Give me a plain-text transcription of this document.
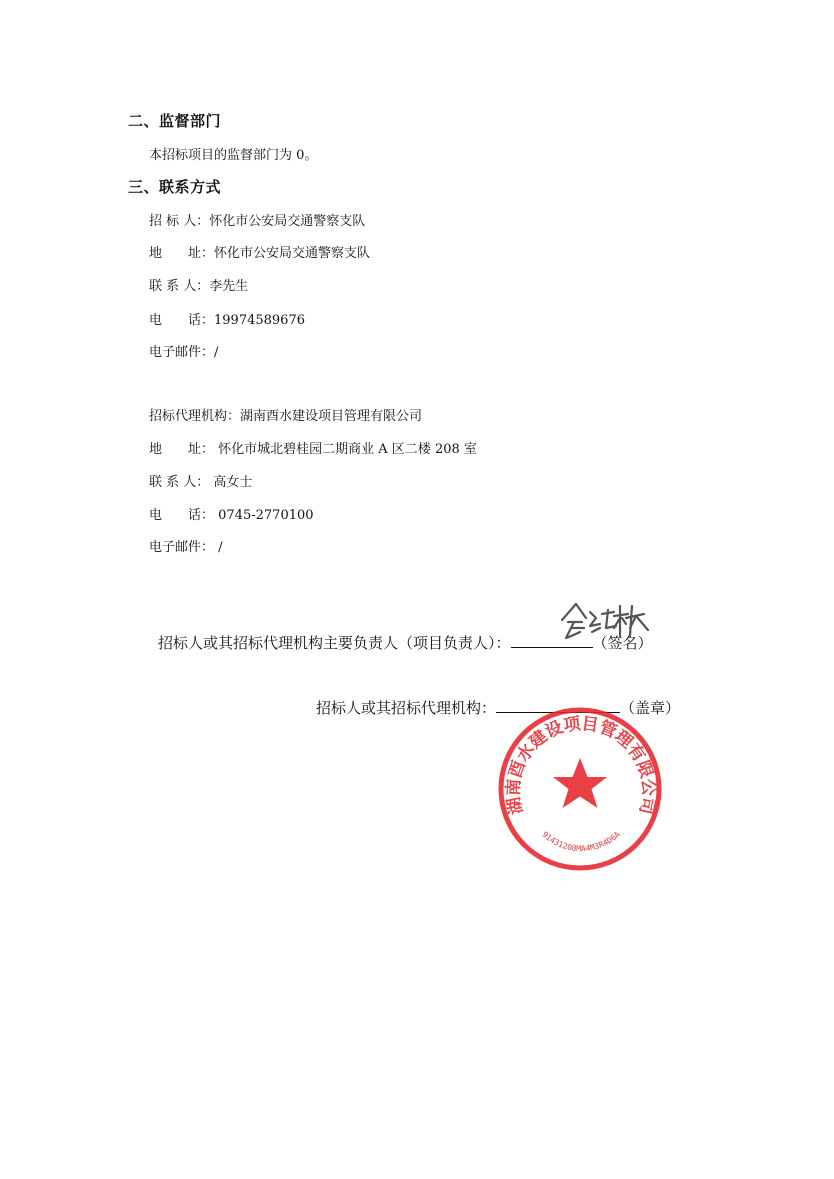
二、监督部门
本招标项目的监督部门为 0。
三、联系方式
招 标 人：怀化市公安局交通警察支队
地　　址：怀化市公安局交通警察支队
联 系 人：李先生
电　　话：19974589676
电子邮件：/
招标代理机构：湖南酉水建设项目管理有限公司
地　　址： 怀化市城北碧桂园二期商业 A 区二楼 208 室
联 系 人： 高女士
电　　话： 0745-2770100
电子邮件： /
招标人或其招标代理机构主要负责人（项目负责人）：	（签名）
招标人或其招标代理机构：	（盖章）
湖南酉水建设项目管理有限公司
91431200MA4M3R4D6A
